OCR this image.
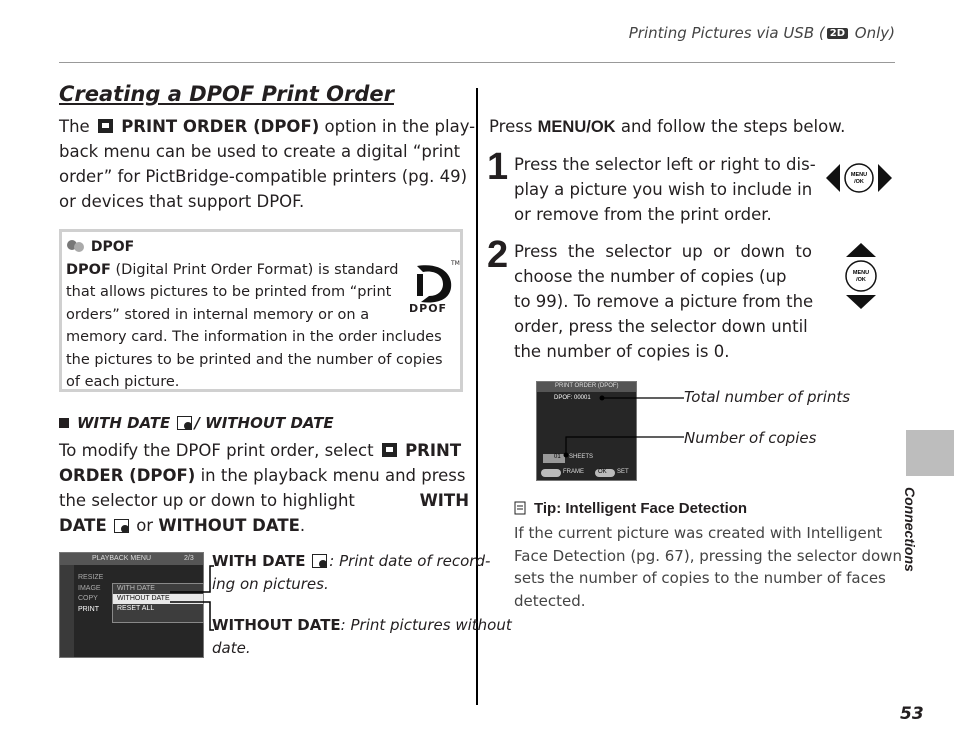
Printing Pictures via USB ( 2D Only)
Creating a DPOF Print Order
The  PRINT ORDER (DPOF) option in the play-
back menu can be used to create a digital “print
order” for PictBridge-compatible printers (pg. 49)
or devices that support DPOF.
DPOF
DPOF (Digital Print Order Format) is standard
that allows pictures to be printed from “print
orders” stored in internal memory or on a
memory card. The information in the order includes
the pictures to be printed and the number of copies
of each picture.
TM
DPOF
WITH DATE / WITHOUT DATE
To modify the DPOF print order, select  PRINT
ORDER (DPOF) in the playback menu and press
the selector up or down to highlight	WITH
DATE  or WITHOUT DATE.
PLAYBACK MENU	2/3
RESIZE
IMAGE
COPY
PRINT
WITH DATE
WITHOUT DATE
RESET ALL
WITH DATE : Print date of record-
ing on pictures.
WITHOUT DATE: Print pictures without
date.
Press MENU/OK and follow the steps below.
1 Press the selector left or right to dis-
play a picture you wish to include in
or remove from the print order.
MENU
/OK
2 Press the selector up or down to
choose the number of copies (up
to 99). To remove a picture from the
order, press the selector down until
the number of copies is 0.
MENU
/OK
PRINT ORDER (DPOF)
DPOF: 00001
01 SHEETS
FRAME OK SET
Total number of prints
Number of copies
Tip: Intelligent Face Detection
If the current picture was created with Intelligent
Face Detection (pg. 67), pressing the selector down
sets the number of copies to the number of faces
detected.
Connections
53
